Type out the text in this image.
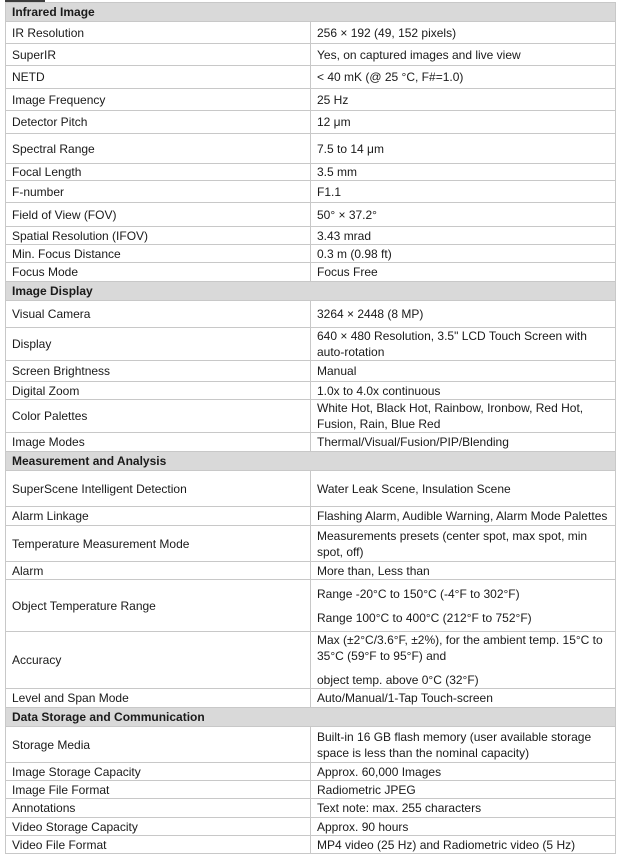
Infrared Image	
IR Resolution	256 × 192 (49, 152 pixels)

SuperIR	Yes, on captured images and live view

NETD	< 40 mK (@ 25 °C, F#=1.0)

Image Frequency	25 Hz

Detector Pitch	12 μm

Spectral Range	7.5 to 14 μm

Focal Length	3.5 mm

F-number	F1.1

Field of View (FOV)	50° × 37.2°

Spatial Resolution (IFOV)	3.43 mrad

Min. Focus Distance	0.3 m (0.98 ft)

Focus Mode	Focus Free

Image Display	
Visual Camera	3264 × 2448 (8 MP)

Display	640 × 480 Resolution, 3.5" LCD Touch Screen with auto-rotation

Screen Brightness	Manual

Digital Zoom	1.0x to 4.0x continuous

Color Palettes	White Hot, Black Hot, Rainbow, Ironbow, Red Hot, Fusion, Rain, Blue Red

Image Modes	Thermal/Visual/Fusion/PIP/Blending

Measurement and Analysis	
SuperScene Intelligent Detection	Water Leak Scene, Insulation Scene

Alarm Linkage	Flashing Alarm, Audible Warning, Alarm Mode Palettes

Temperature Measurement Mode	Measurements presets (center spot, max spot, min spot, off)

Alarm	More than, Less than

Object Temperature Range	Range -20°C to 150°C (-4°F to 302°F)

Range 100°C to 400°C (212°F to 752°F)

Accuracy	Max (±2°C/3.6°F, ±2%), for the ambient temp. 15°C to 35°C (59°F to 95°F) and

object temp. above 0°C (32°F)

Level and Span Mode	Auto/Manual/1-Tap Touch-screen

Data Storage and Communication	
Storage Media	Built-in 16 GB flash memory (user available storage space is less than the nominal capacity)

Image Storage Capacity	Approx. 60,000 Images

Image File Format	Radiometric JPEG

Annotations	Text note: max. 255 characters

Video Storage Capacity	Approx. 90 hours

Video File Format	MP4 video (25 Hz) and Radiometric video (5 Hz)
